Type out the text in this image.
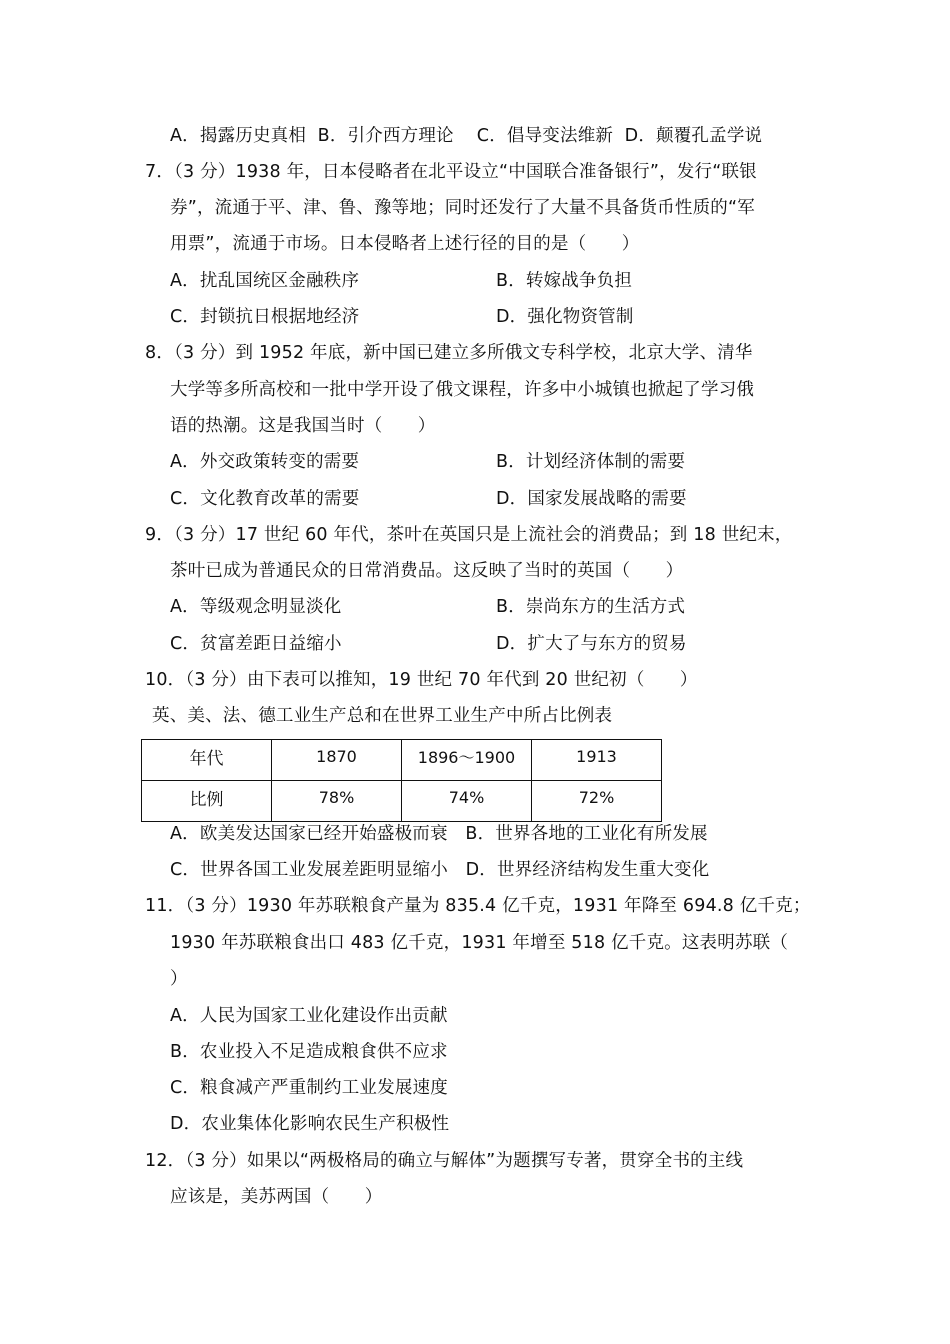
A．揭露历史真相 B．引介西方理论 C．倡导变法维新 D．颠覆孔孟学说
7．（3 分）1938 年，日本侵略者在北平设立“中国联合准备银行”，发行“联银
券”，流通于平、津、鲁、豫等地；同时还发行了大量不具备货币性质的“军
用票”，流通于市场。日本侵略者上述行径的目的是（　　）
A．扰乱国统区金融秩序	B．转嫁战争负担
C．封锁抗日根据地经济	D．强化物资管制
8．（3 分）到 1952 年底，新中国已建立多所俄文专科学校，北京大学、清华
大学等多所高校和一批中学开设了俄文课程，许多中小城镇也掀起了学习俄
语的热潮。这是我国当时（　　）
A．外交政策转变的需要	B．计划经济体制的需要
C．文化教育改革的需要	D．国家发展战略的需要
9．（3 分）17 世纪 60 年代，茶叶在英国只是上流社会的消费品；到 18 世纪末，
茶叶已成为普通民众的日常消费品。这反映了当时的英国（　　）
A．等级观念明显淡化	B．崇尚东方的生活方式
C．贫富差距日益缩小	D．扩大了与东方的贸易
10．（3 分）由下表可以推知，19 世纪 70 年代到 20 世纪初（　　）
英、美、法、德工业生产总和在世界工业生产中所占比例表
年代	1870	1896～1900	1913
比例	78%	74%	72%
A．欧美发达国家已经开始盛极而衰　B．世界各地的工业化有所发展
C．世界各国工业发展差距明显缩小　D．世界经济结构发生重大变化
11．（3 分）1930 年苏联粮食产量为 835.4 亿千克，1931 年降至 694.8 亿千克；
1930 年苏联粮食出口 483 亿千克，1931 年增至 518 亿千克。这表明苏联（
）
A．人民为国家工业化建设作出贡献
B．农业投入不足造成粮食供不应求
C．粮食减产严重制约工业发展速度
D．农业集体化影响农民生产积极性
12．（3 分）如果以“两极格局的确立与解体”为题撰写专著，贯穿全书的主线
应该是，美苏两国（　　）
